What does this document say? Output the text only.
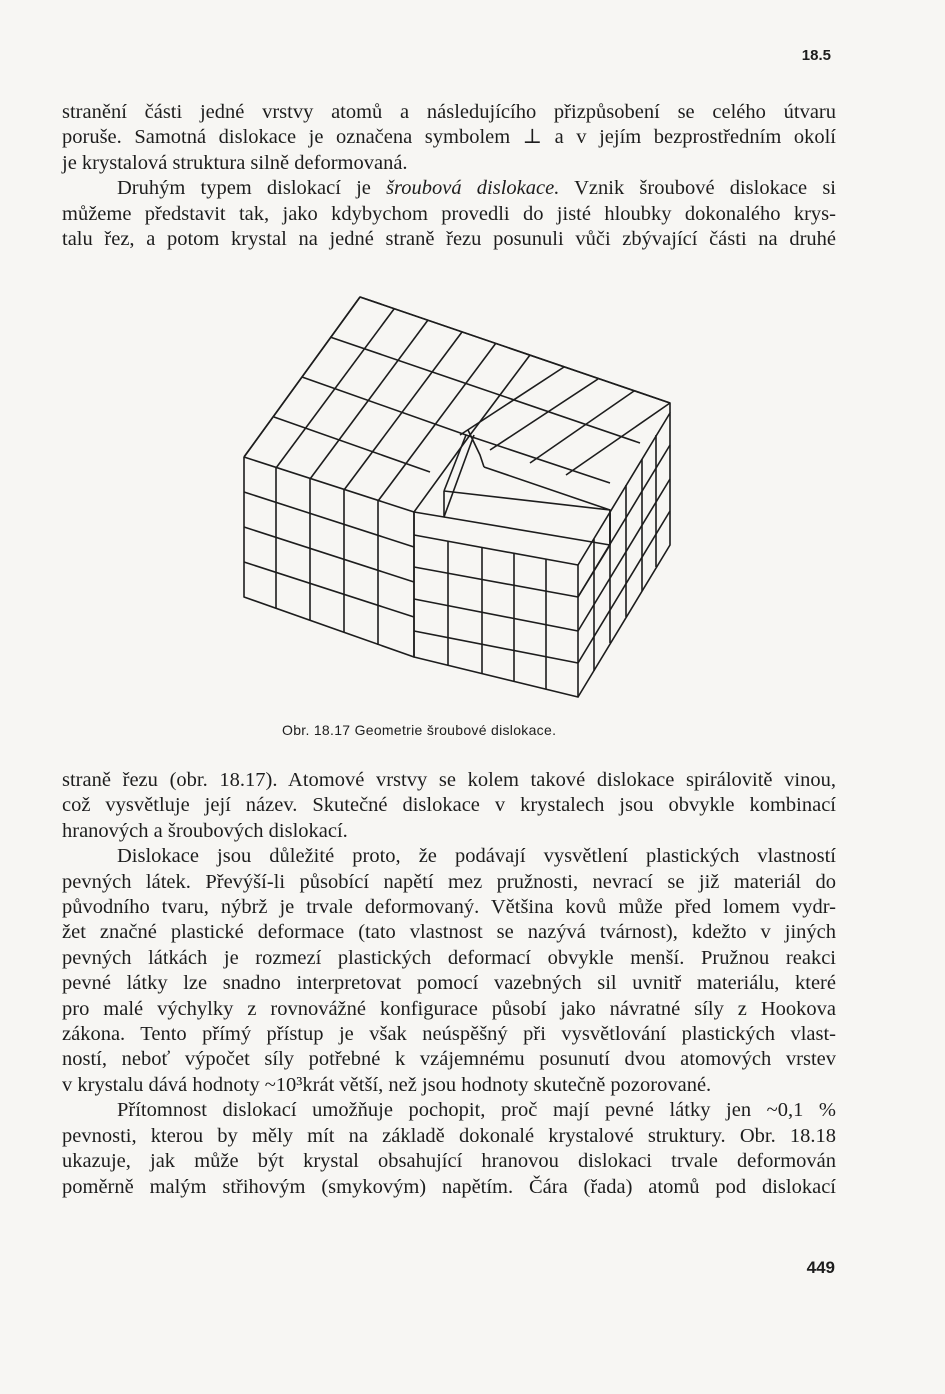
18.5

stranění části jedné vrstvy atomů a následujícího přizpůsobení se celého útvaru

poruše. Samotná dislokace je označena symbolem ⊥ a v jejím bezprostředním okolí

je krystalová struktura silně deformovaná.

Druhým typem dislokací je šroubová dislokace. Vznik šroubové dislokace si

můžeme představit tak, jako kdybychom provedli do jisté hloubky dokonalého krys-

talu řez, a potom krystal na jedné straně řezu posunuli vůči zbývající části na druhé

Obr. 18.17 Geometrie šroubové dislokace.

straně řezu (obr. 18.17). Atomové vrstvy se kolem takové dislokace spirálovitě vinou,

což vysvětluje její název. Skutečné dislokace v krystalech jsou obvykle kombinací

hranových a šroubových dislokací.

Dislokace jsou důležité proto, že podávají vysvětlení plastických vlastností

pevných látek. Převýší-li působící napětí mez pružnosti, nevrací se již materiál do

původního tvaru, nýbrž je trvale deformovaný. Většina kovů může před lomem vydr-

žet značné plastické deformace (tato vlastnost se nazývá tvárnost), kdežto v jiných

pevných látkách je rozmezí plastických deformací obvykle menší. Pružnou reakci

pevné látky lze snadno interpretovat pomocí vazebných sil uvnitř materiálu, které

pro malé výchylky z rovnovážné konfigurace působí jako návratné síly z Hookova

zákona. Tento přímý přístup je však neúspěšný při vysvětlování plastických vlast-

ností, neboť výpočet síly potřebné k vzájemnému posunutí dvou atomových vrstev

v krystalu dává hodnoty ~10³krát větší, než jsou hodnoty skutečně pozorované.

Přítomnost dislokací umožňuje pochopit, proč mají pevné látky jen ~0,1 %

pevnosti, kterou by měly mít na základě dokonalé krystalové struktury. Obr. 18.18

ukazuje, jak může být krystal obsahující hranovou dislokaci trvale deformován

poměrně malým střihovým (smykovým) napětím. Čára (řada) atomů pod dislokací

449
